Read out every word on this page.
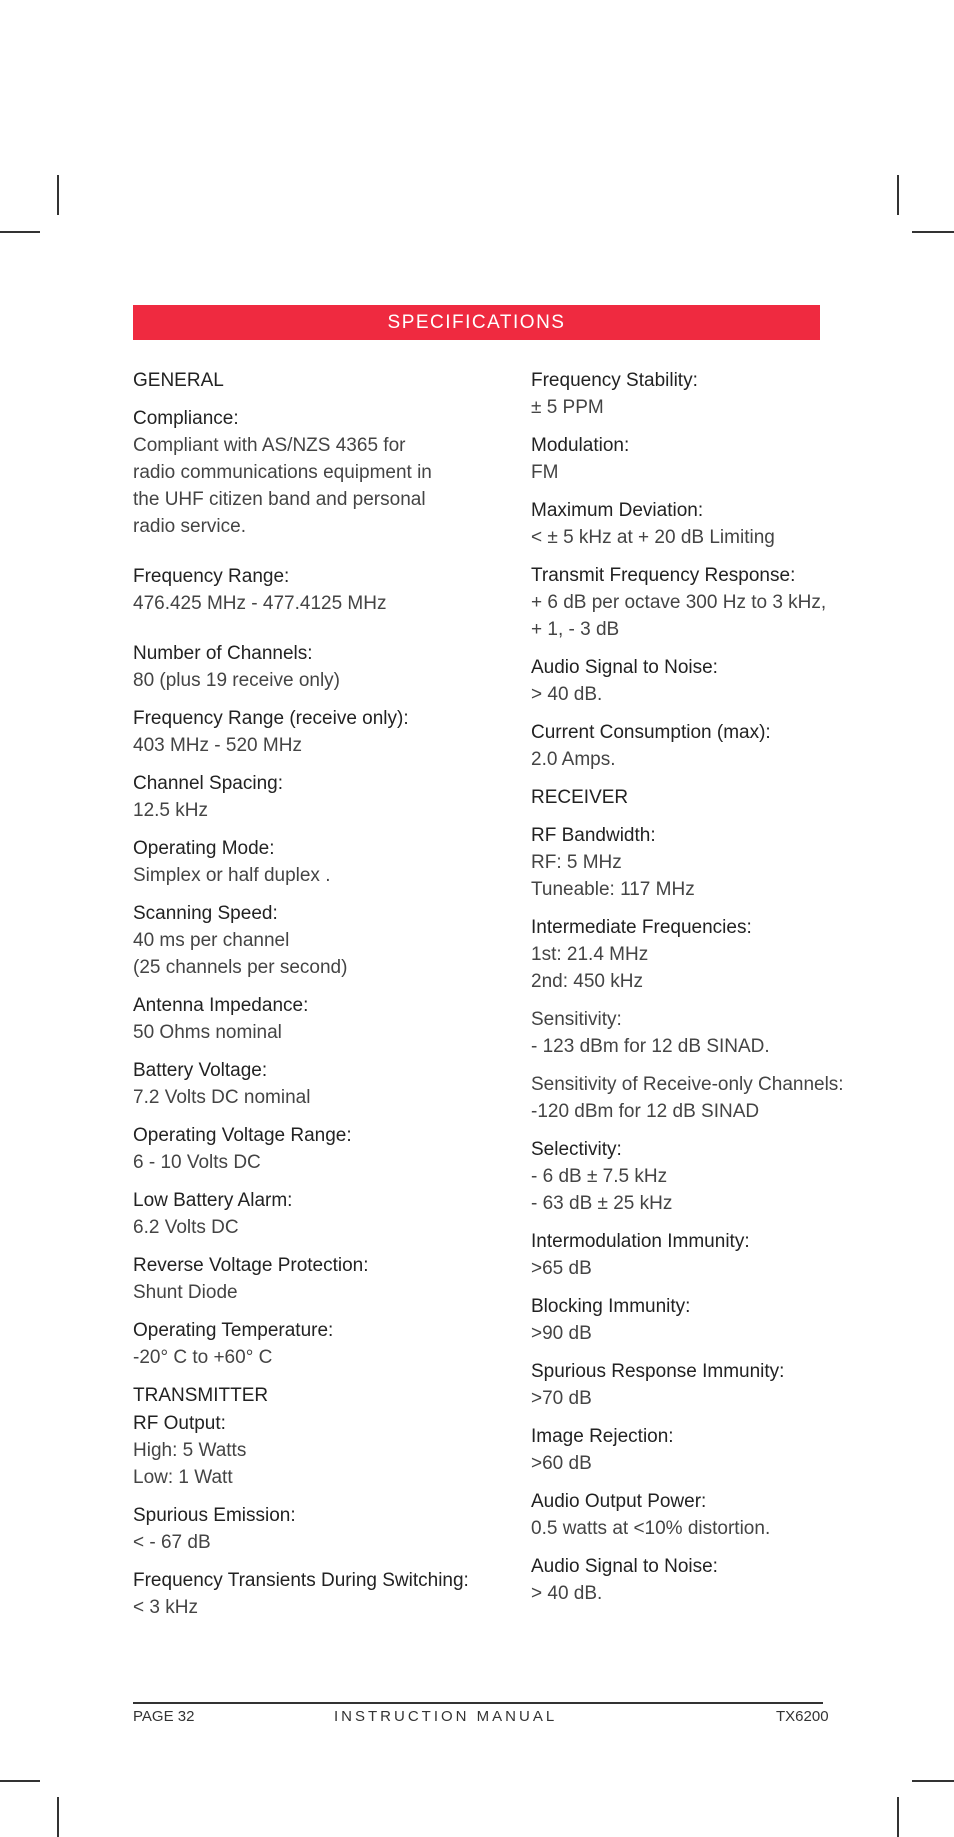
SPECIFICATIONS
GENERAL
Compliance:
Compliant with AS/NZS 4365 for
radio communications equipment in
the UHF citizen band and personal
radio service.
Frequency Range:
476.425 MHz - 477.4125 MHz
Number of Channels:
80 (plus 19 receive only)
Frequency Range (receive only):
403 MHz - 520 MHz
Channel Spacing:
12.5 kHz
Operating Mode:
Simplex or half duplex .
Scanning Speed:
40 ms per channel
(25 channels per second)
Antenna Impedance:
50 Ohms nominal
Battery Voltage:
7.2 Volts DC nominal
Operating Voltage Range:
6 - 10 Volts DC
Low Battery Alarm:
6.2 Volts DC
Reverse Voltage Protection:
Shunt Diode
Operating Temperature:
-20° C to +60° C
TRANSMITTER
RF Output:
High: 5 Watts
Low: 1 Watt
Spurious Emission:
< - 67 dB
Frequency Transients During Switching:
< 3 kHz
Frequency Stability:
± 5 PPM
Modulation:
FM
Maximum Deviation:
< ± 5 kHz at + 20 dB Limiting
Transmit Frequency Response:
+ 6 dB per octave 300 Hz to 3 kHz,
+ 1, - 3 dB
Audio Signal to Noise:
> 40 dB.
Current Consumption (max):
2.0 Amps.
RECEIVER
RF Bandwidth:
RF: 5 MHz
Tuneable: 117 MHz
Intermediate Frequencies:
1st: 21.4 MHz
2nd: 450 kHz
Sensitivity:
- 123 dBm for 12 dB SINAD.
Sensitivity of Receive-only Channels:
-120 dBm for 12 dB SINAD
Selectivity:
- 6 dB ± 7.5 kHz
- 63 dB ± 25 kHz
Intermodulation Immunity:
>65 dB
Blocking Immunity:
>90 dB
Spurious Response Immunity:
>70 dB
Image Rejection:
>60 dB
Audio Output Power:
0.5 watts at <10% distortion.
Audio Signal to Noise:
> 40 dB.
PAGE 32	INSTRUCTION MANUAL	TX6200
